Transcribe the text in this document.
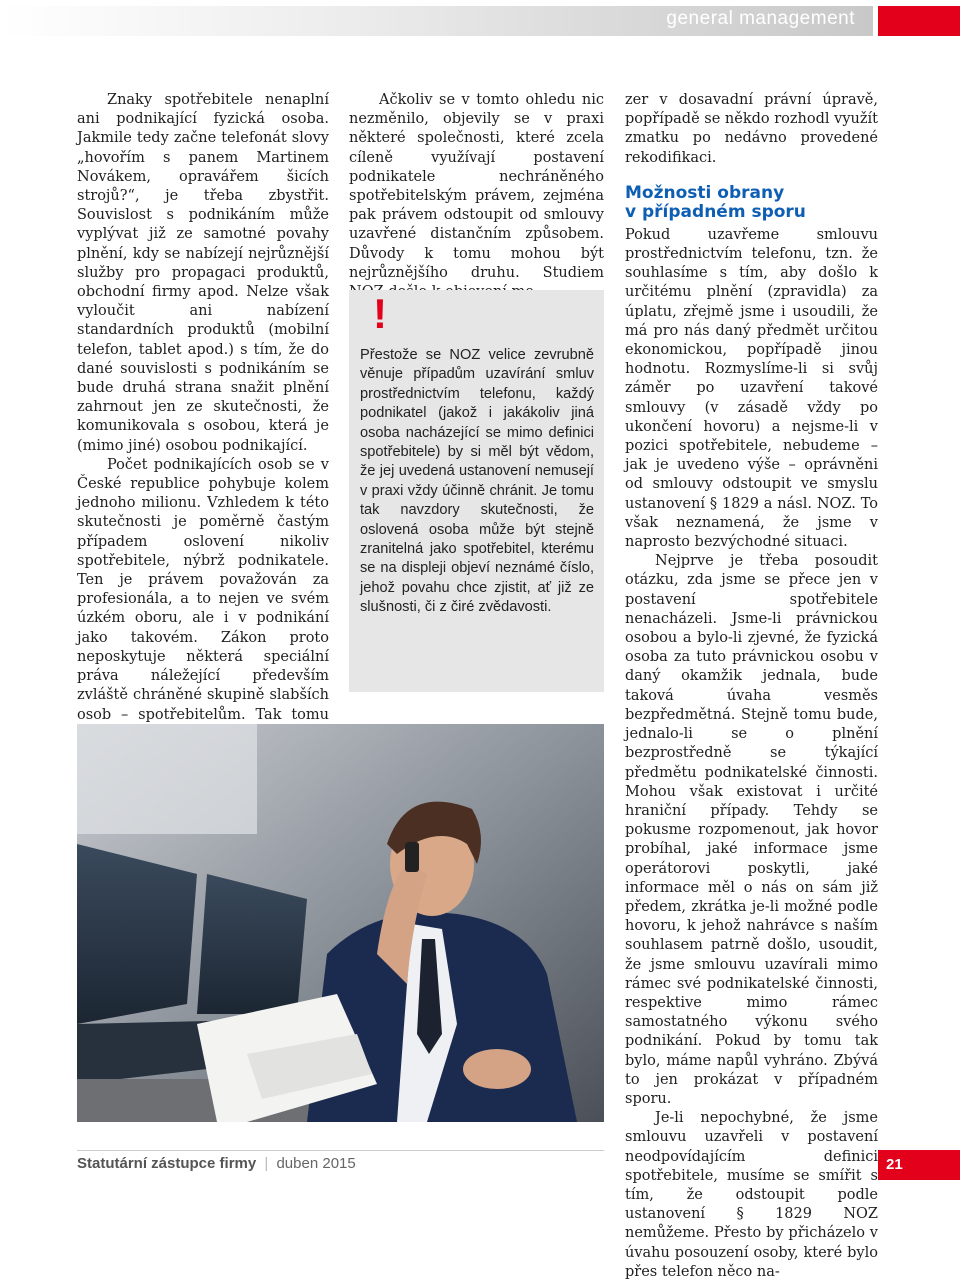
general management

Znaky spotřebitele nenaplní ani podnikající fyzická osoba. Jakmile tedy začne telefonát slovy „hovořím s panem Martinem Novákem, opravářem šicích strojů?“, je třeba zbystřit. Souvislost s podnikáním může vyplývat již ze samotné povahy plnění, kdy se nabízejí nejrůznější služby pro propagaci produktů, obchodní firmy apod. Nelze však vyloučit ani nabízení standardních produktů (mobilní telefon, tablet apod.) s tím, že do dané souvislosti s podnikáním se bude druhá strana snažit plnění zahrnout jen ze skutečnosti, že komunikovala s osobou, která je (mimo jiné) osobou podnikající.

Počet podnikajících osob se v České republice pohybuje kolem jednoho milionu. Vzhledem k této skutečnosti je poměrně častým případem oslovení nikoliv spotřebitele, nýbrž podnikatele. Ten je právem považován za profesionála, a to nejen ve svém úzkém oboru, ale i v podnikání jako takovém. Zákon proto neposkytuje některá speciální práva náležející především zvláště chráněné skupině slabších osob – spotřebitelům. Tak tomu

Ačkoliv se v tomto ohledu nic nezměnilo, objevily se v praxi některé společnosti, které zcela cíleně využívají postavení podnikatele nechráněného spotřebitelským právem, zejména pak právem odstoupit od smlouvy uzavřené distančním způsobem. Důvody k tomu mohou být nejrůznějšího druhu. Studiem

!

Přestože se NOZ velice zevrubně věnuje případům uzavírání smluv prostřednictvím telefonu, každý podnikatel (jakož i jakákoliv jiná osoba nacházející se mimo definici spotřebitele) by si měl být vědom, že jej uvedená ustanovení nemusejí v praxi vždy účinně chránit. Je tomu tak navzdory skutečnosti, že oslovená osoba může být stejně zranitelná jako spotřebitel, kterému se na displeji objeví neznámé číslo, jehož povahu chce zjistit, ať již ze slušnosti, či z čiré zvědavosti.

zer v dosavadní právní úpravě, popřípadě se někdo rozhodl využít zmatku po nedávno provedené rekodifikaci.

Možnosti obrany
v případném sporu

Pokud uzavřeme smlouvu prostřednictvím telefonu, tzn. že souhlasíme s tím, aby došlo k určitému plnění (zpravidla) za úplatu, zřejmě jsme i usoudili, že má pro nás daný předmět určitou ekonomickou, popřípadě jinou hodnotu. Rozmyslíme-li si svůj záměr po uzavření takové smlouvy (v zásadě vždy po ukončení hovoru) a nejsme-li v pozici spotřebitele, nebudeme – jak je uvedeno výše – oprávněni od smlouvy odstoupit ve smyslu ustanovení § 1829 a násl. NOZ. To však neznamená, že jsme v naprosto bezvýchodné situaci.

Nejprve je třeba posoudit otázku, zda jsme se přece jen v postavení spotřebitele nenacházeli. Jsme-li právnickou osobou a bylo-li zjevné, že fyzická osoba za tuto právnickou osobu v daný okamžik jednala, bude taková úvaha vesměs bezpředmětná. Stejně tomu bude, jednalo-li se o plnění bezprostředně se týkající předmětu podnikatelské činnosti. Mohou však existovat i určité hraniční případy. Tehdy se pokusme rozpomenout, jak hovor probíhal, jaké informace jsme operátorovi poskytli, jaké informace měl o nás on sám již předem, zkrátka je-li možné podle hovoru, k jehož nahrávce s naším souhlasem patrně došlo, usoudit, že jsme smlouvu uzavírali mimo rámec své podnikatelské činnosti, respektive mimo rámec samostatného výkonu svého podnikání. Pokud by tomu tak bylo, máme napůl vyhráno. Zbývá to jen prokázat v případném sporu.

Je-li nepochybné, že jsme smlouvu uzavřeli v postavení neodpovídajícím definici spotřebitele, musíme se smířit s tím, že odstoupit podle ustanovení § 1829 NOZ nemůžeme. Přesto by přicházelo v úvahu posouzení osoby, které bylo přes telefon něco na-

Statutární zástupce firmy | duben 2015	21
